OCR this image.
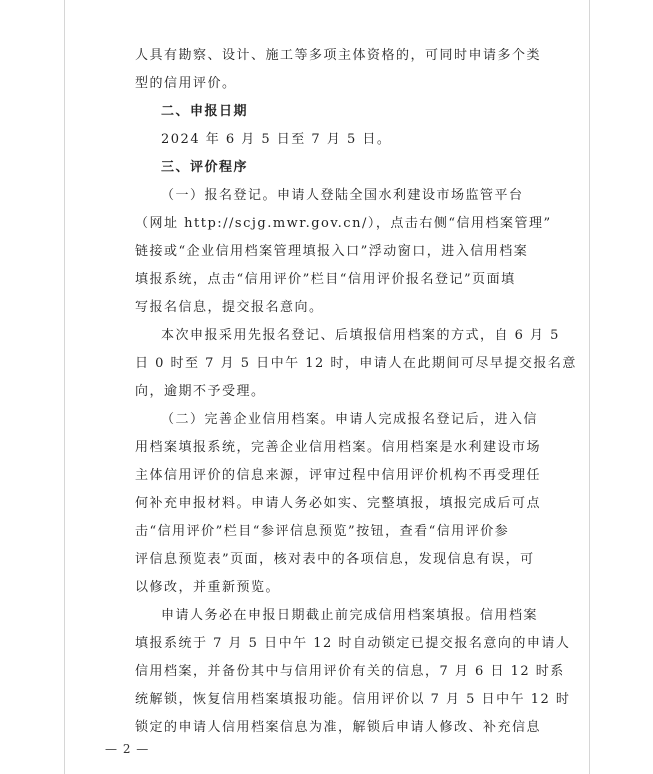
人具有勘察、设计、施工等多项主体资格的，可同时申请多个类

型的信用评价。

二、申报日期

2024 年 6 月 5 日至 7 月 5 日。

三、评价程序

（一）报名登记。申请人登陆全国水利建设市场监管平台

（网址 http://scjg.mwr.gov.cn/），点击右侧“信用档案管理”

链接或“企业信用档案管理填报入口”浮动窗口，进入信用档案

填报系统，点击“信用评价”栏目“信用评价报名登记”页面填

写报名信息，提交报名意向。

本次申报采用先报名登记、后填报信用档案的方式，自 6 月 5

日 0 时至 7 月 5 日中午 12 时，申请人在此期间可尽早提交报名意

向，逾期不予受理。

（二）完善企业信用档案。申请人完成报名登记后，进入信

用档案填报系统，完善企业信用档案。信用档案是水利建设市场

主体信用评价的信息来源，评审过程中信用评价机构不再受理任

何补充申报材料。申请人务必如实、完整填报，填报完成后可点

击“信用评价”栏目“参评信息预览”按钮，查看“信用评价参

评信息预览表”页面，核对表中的各项信息，发现信息有误，可

以修改，并重新预览。

申请人务必在申报日期截止前完成信用档案填报。信用档案

填报系统于 7 月 5 日中午 12 时自动锁定已提交报名意向的申请人

信用档案，并备份其中与信用评价有关的信息，7 月 6 日 12 时系

统解锁，恢复信用档案填报功能。信用评价以 7 月 5 日中午 12 时

锁定的申请人信用档案信息为准，解锁后申请人修改、补充信息

— 2 —
